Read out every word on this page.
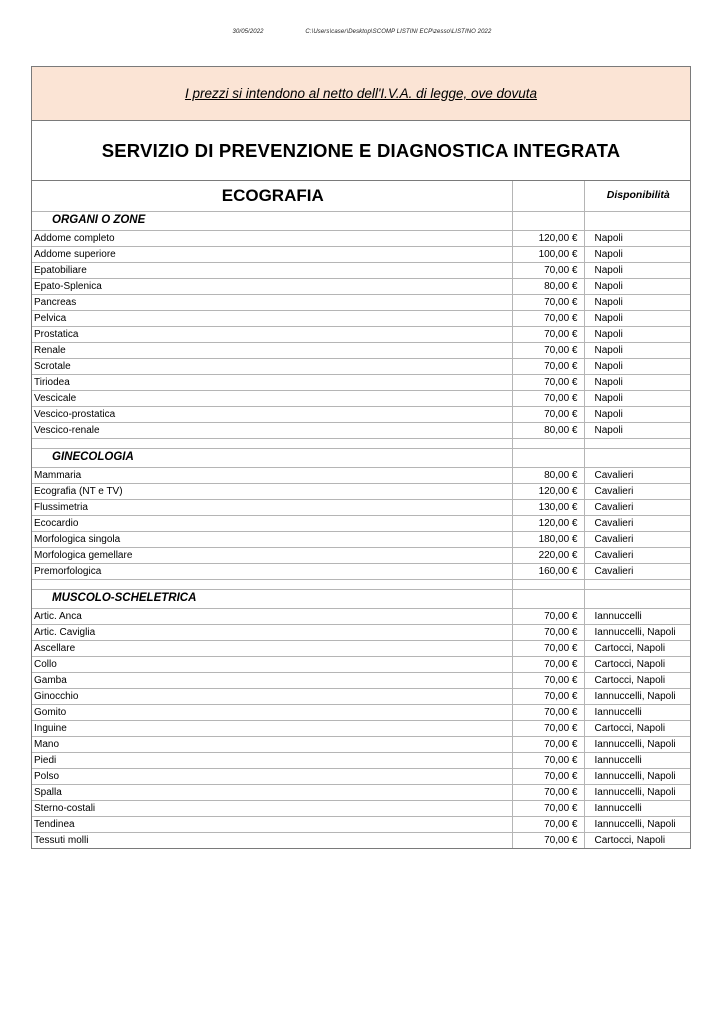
30/05/2022	C:\Users\caser\Desktop\SCOMP LISTINI ECP\zesso\LISTINO 2022
I prezzi si intendono al netto dell'I.V.A. di legge, ove dovuta
SERVIZIO DI PREVENZIONE E DIAGNOSTICA INTEGRATA
ECOGRAFIA		Disponibilità

ORGANI O ZONE		
Addome completo	120,00 €	Napoli
Addome superiore	100,00 €	Napoli
Epatobiliare	70,00 €	Napoli
Epato-Splenica	80,00 €	Napoli
Pancreas	70,00 €	Napoli
Pelvica	70,00 €	Napoli
Prostatica	70,00 €	Napoli
Renale	70,00 €	Napoli
Scrotale	70,00 €	Napoli
Tiriodea	70,00 €	Napoli
Vescicale	70,00 €	Napoli
Vescico-prostatica	70,00 €	Napoli
Vescico-renale	80,00 €	Napoli

GINECOLOGIA		
Mammaria	80,00 €	Cavalieri
Ecografia (NT e TV)	120,00 €	Cavalieri
Flussimetria	130,00 €	Cavalieri
Ecocardio	120,00 €	Cavalieri
Morfologica singola	180,00 €	Cavalieri
Morfologica gemellare	220,00 €	Cavalieri
Premorfologica	160,00 €	Cavalieri

MUSCOLO-SCHELETRICA		
Artic. Anca	70,00 €	Iannuccelli
Artic. Caviglia	70,00 €	Iannuccelli, Napoli
Ascellare	70,00 €	Cartocci, Napoli
Collo	70,00 €	Cartocci, Napoli
Gamba	70,00 €	Cartocci, Napoli
Ginocchio	70,00 €	Iannuccelli, Napoli
Gomito	70,00 €	Iannuccelli
Inguine	70,00 €	Cartocci, Napoli
Mano	70,00 €	Iannuccelli, Napoli
Piedi	70,00 €	Iannuccelli
Polso	70,00 €	Iannuccelli, Napoli
Spalla	70,00 €	Iannuccelli, Napoli
Sterno-costali	70,00 €	Iannuccelli
Tendinea	70,00 €	Iannuccelli, Napoli
Tessuti molli	70,00 €	Cartocci, Napoli
